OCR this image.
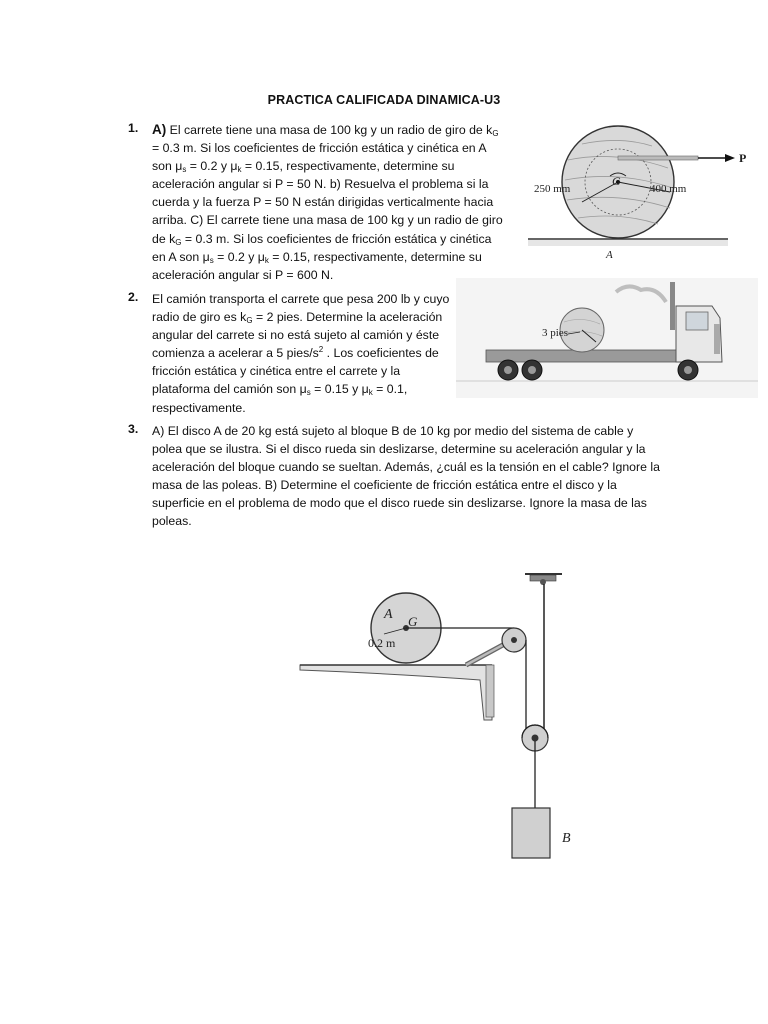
PRACTICA CALIFICADA DINAMICA-U3
1. A) El carrete tiene una masa de 100 kg y un radio de giro de $k_G = 0.3$ m. Si los coeficientes de fricción estática y cinética en A son $\mu_s = 0.2$ y $\mu_k = 0.15$, respectivamente, determine su aceleración angular si P = 50 N. b) Resuelva el problema si la cuerda y la fuerza P = 50 N están dirigidas verticalmente hacia arriba. C) El carrete tiene una masa de 100 kg y un radio de giro de $k_G = 0.3$ m. Si los coeficientes de fricción estática y cinética en A son $\mu_s = 0.2$ y $\mu_k = 0.15$, respectivamente, determine su aceleración angular si P = 600 N.
2. El camión transporta el carrete que pesa 200 lb y cuyo radio de giro es $k_G = 2$ pies. Determine la aceleración angular del carrete si no está sujeto al camión y éste comienza a acelerar a 5 pies/$s^2$ . Los coeficientes de fricción estática y cinética entre el carrete y la plataforma del camión son $\mu_s = 0.15$ y $\mu_k = 0.1$, respectivamente.
3. A) El disco A de 20 kg está sujeto al bloque B de 10 kg por medio del sistema de cable y polea que se ilustra. Si el disco rueda sin deslizarse, determine su aceleración angular y la aceleración del bloque cuando se sueltan. Además, ¿cuál es la tensión en el cable? Ignore la masa de las poleas. B) Determine el coeficiente de fricción estática entre el disco y la superficie en el problema de modo que el disco ruede sin deslizarse. Ignore la masa de las poleas.
P
G
250 mm	400 mm
A
3 pies
A G
0.2 m
B
